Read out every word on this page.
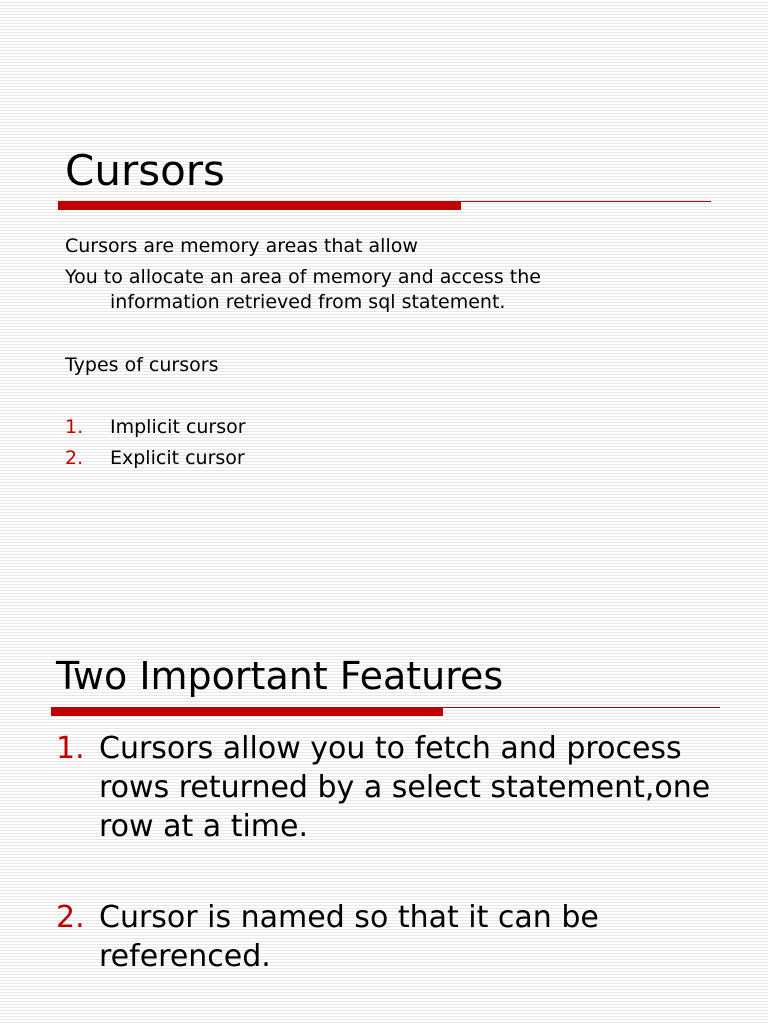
Cursors
Cursors are memory areas that allow
You to allocate an area of memory and access the
information retrieved from sql statement.
Types of cursors
1. Implicit cursor
2. Explicit cursor
Two Important Features
1. Cursors allow you to fetch and process rows returned by a select statement,one row at a time.
2. Cursor is named so that it can be referenced.
